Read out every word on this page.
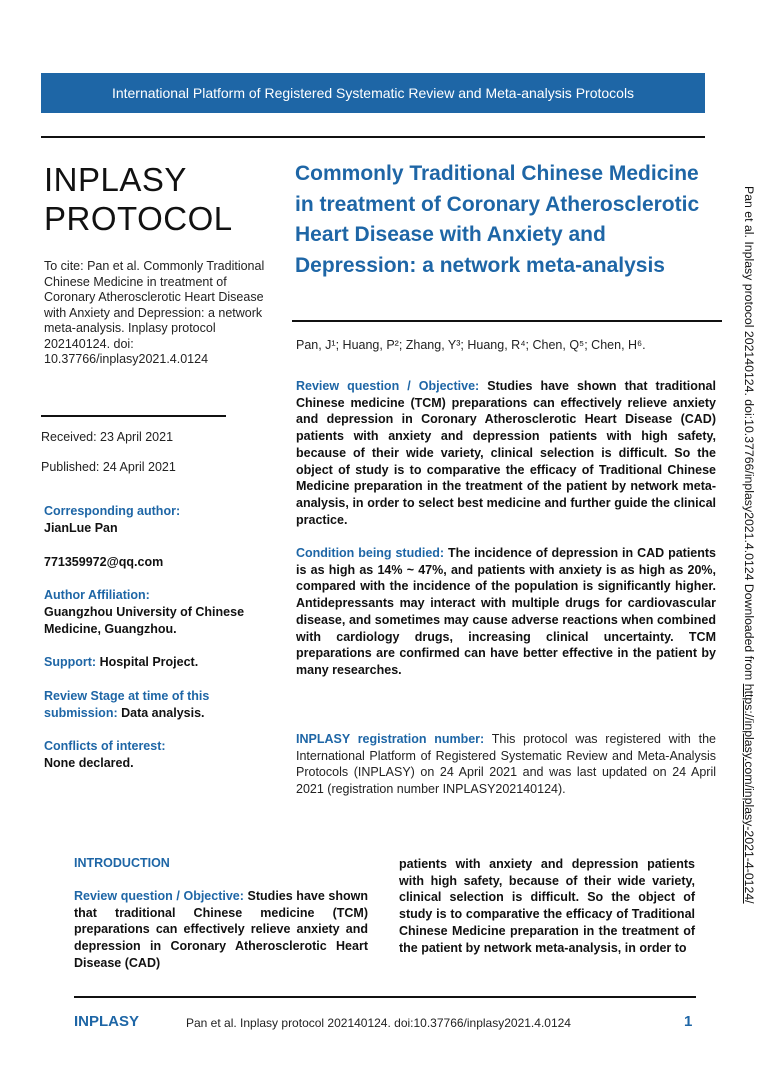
International Platform of Registered Systematic Review and Meta-analysis Protocols
INPLASY
PROTOCOL
To cite: Pan et al. Commonly Traditional Chinese Medicine in treatment of Coronary Atherosclerotic Heart Disease with Anxiety and Depression: a network meta-analysis. Inplasy protocol 202140124. doi: 10.37766/inplasy2021.4.0124
Received: 23 April 2021
Published: 24 April 2021
Corresponding author:
JianLue Pan
771359972@qq.com
Author Affiliation:
Guangzhou University of Chinese Medicine, Guangzhou.
Support: Hospital Project.
Review Stage at time of this
submission: Data analysis.
Conflicts of interest:
None declared.
Commonly Traditional Chinese Medicine in treatment of Coronary Atherosclerotic Heart Disease with Anxiety and Depression: a network meta-analysis
Pan, J¹; Huang, P²; Zhang, Y³; Huang, R⁴; Chen, Q⁵; Chen, H⁶.
Review question / Objective: Studies have shown that traditional Chinese medicine (TCM) preparations can effectively relieve anxiety and depression in Coronary Atherosclerotic Heart Disease (CAD) patients with anxiety and depression patients with high safety, because of their wide variety, clinical selection is difficult. So the object of study is to comparative the efficacy of Traditional Chinese Medicine preparation in the treatment of the patient by network meta-analysis, in order to select best medicine and further guide the clinical practice.
Condition being studied: The incidence of depression in CAD patients is as high as 14% ~ 47%, and patients with anxiety is as high as 20%, compared with the incidence of the population is significantly higher. Antidepressants may interact with multiple drugs for cardiovascular disease, and sometimes may cause adverse reactions when combined with cardiology drugs, increasing clinical uncertainty. TCM preparations are confirmed can have better effective in the patient by many researches.
INPLASY registration number: This protocol was registered with the International Platform of Registered Systematic Review and Meta-Analysis Protocols (INPLASY) on 24 April 2021 and was last updated on 24 April 2021 (registration number INPLASY202140124).
INTRODUCTION
Review question / Objective: Studies have shown that traditional Chinese medicine (TCM) preparations can effectively relieve anxiety and depression in Coronary Atherosclerotic Heart Disease (CAD)
patients with anxiety and depression patients with high safety, because of their wide variety, clinical selection is difficult. So the object of study is to comparative the efficacy of Traditional Chinese Medicine preparation in the treatment of the patient by network meta-analysis, in order to
INPLASY	Pan et al. Inplasy protocol 202140124. doi:10.37766/inplasy2021.4.0124	1
Pan et al. Inplasy protocol 202140124. doi:10.37766/inplasy2021.4.0124 Downloaded from https://inplasy.com/inplasy-2021-4-0124/
